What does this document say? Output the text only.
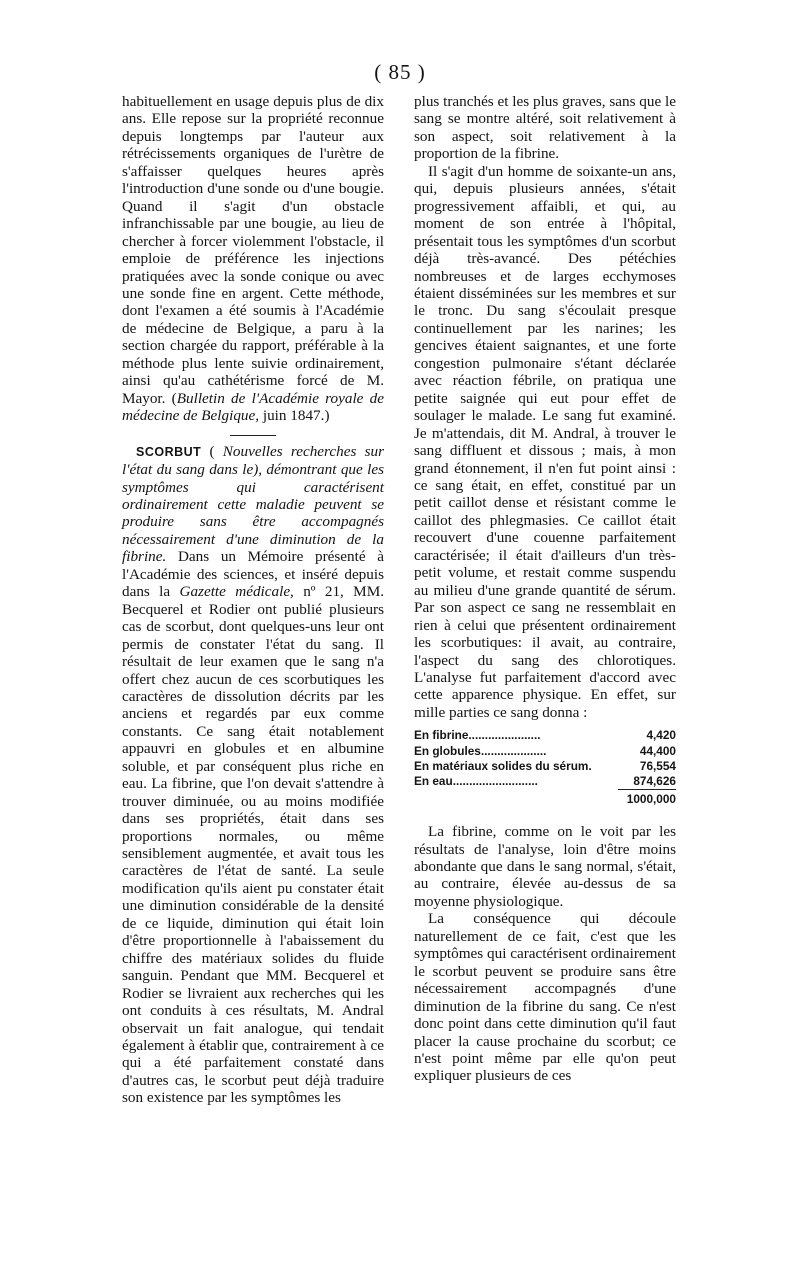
( 85 )

habituellement en usage depuis plus de dix ans. Elle repose sur la propriété reconnue depuis longtemps par l'auteur aux rétrécissements organiques de l'urètre de s'affaisser quelques heures après l'introduction d'une sonde ou d'une bougie. Quand il s'agit d'un obstacle infranchissable par une bougie, au lieu de chercher à forcer violemment l'obstacle, il emploie de préférence les injections pratiquées avec la sonde conique ou avec une sonde fine en argent. Cette méthode, dont l'examen a été soumis à l'Académie de médecine de Belgique, a paru à la section chargée du rapport, préférable à la méthode plus lente suivie ordinairement, ainsi qu'au cathétérisme forcé de M. Mayor. (Bulletin de l'Académie royale de médecine de Belgique, juin 1847.)

SCORBUT ( Nouvelles recherches sur l'état du sang dans le), démontrant que les symptômes qui caractérisent ordinairement cette maladie peuvent se produire sans être accompagnés nécessairement d'une diminution de la fibrine. Dans un Mémoire présenté à l'Académie des sciences, et inséré depuis dans la Gazette médicale, nº 21, MM. Becquerel et Rodier ont publié plusieurs cas de scorbut, dont quelques-uns leur ont permis de constater l'état du sang. Il résultait de leur examen que le sang n'a offert chez aucun de ces scorbutiques les caractères de dissolution décrits par les anciens et regardés par eux comme constants. Ce sang était notablement appauvri en globules et en albumine soluble, et par conséquent plus riche en eau. La fibrine, que l'on devait s'attendre à trouver diminuée, ou au moins modifiée dans ses propriétés, était dans ses proportions normales, ou même sensiblement augmentée, et avait tous les caractères de l'état de santé. La seule modification qu'ils aient pu constater était une diminution considérable de la densité de ce liquide, diminution qui était loin d'être proportionnelle à l'abaissement du chiffre des matériaux solides du fluide sanguin. Pendant que MM. Becquerel et Rodier se livraient aux recherches qui les ont conduits à ces résultats, M. Andral observait un fait analogue, qui tendait également à établir que, contrairement à ce qui a été parfaitement constaté dans d'autres cas, le scorbut peut déjà traduire son existence par les symptômes les

plus tranchés et les plus graves, sans que le sang se montre altéré, soit relativement à son aspect, soit relativement à la proportion de la fibrine.

Il s'agit d'un homme de soixante-un ans, qui, depuis plusieurs années, s'était progressivement affaibli, et qui, au moment de son entrée à l'hôpital, présentait tous les symptômes d'un scorbut déjà très-avancé. Des pétéchies nombreuses et de larges ecchymoses étaient disséminées sur les membres et sur le tronc. Du sang s'écoulait presque continuellement par les narines; les gencives étaient saignantes, et une forte congestion pulmonaire s'étant déclarée avec réaction fébrile, on pratiqua une petite saignée qui eut pour effet de soulager le malade. Le sang fut examiné. Je m'attendais, dit M. Andral, à trouver le sang diffluent et dissous ; mais, à mon grand étonnement, il n'en fut point ainsi : ce sang était, en effet, constitué par un petit caillot dense et résistant comme le caillot des phlegmasies. Ce caillot était recouvert d'une couenne parfaitement caractérisée; il était d'ailleurs d'un très-petit volume, et restait comme suspendu au milieu d'une grande quantité de sérum. Par son aspect ce sang ne ressemblait en rien à celui que présentent ordinairement les scorbutiques: il avait, au contraire, l'aspect du sang des chlorotiques. L'analyse fut parfaitement d'accord avec cette apparence physique. En effet, sur mille parties ce sang donna :

En fibrine......................	4,420
En globules....................	44,400
En matériaux solides du sérum.	76,554
En eau..........................	874,626
1000,000

La fibrine, comme on le voit par les résultats de l'analyse, loin d'être moins abondante que dans le sang normal, s'était, au contraire, élevée au-dessus de sa moyenne physiologique.

La conséquence qui découle naturellement de ce fait, c'est que les symptômes qui caractérisent ordinairement le scorbut peuvent se produire sans être nécessairement accompagnés d'une diminution de la fibrine du sang. Ce n'est donc point dans cette diminution qu'il faut placer la cause prochaine du scorbut; ce n'est point même par elle qu'on peut expliquer plusieurs de ces
